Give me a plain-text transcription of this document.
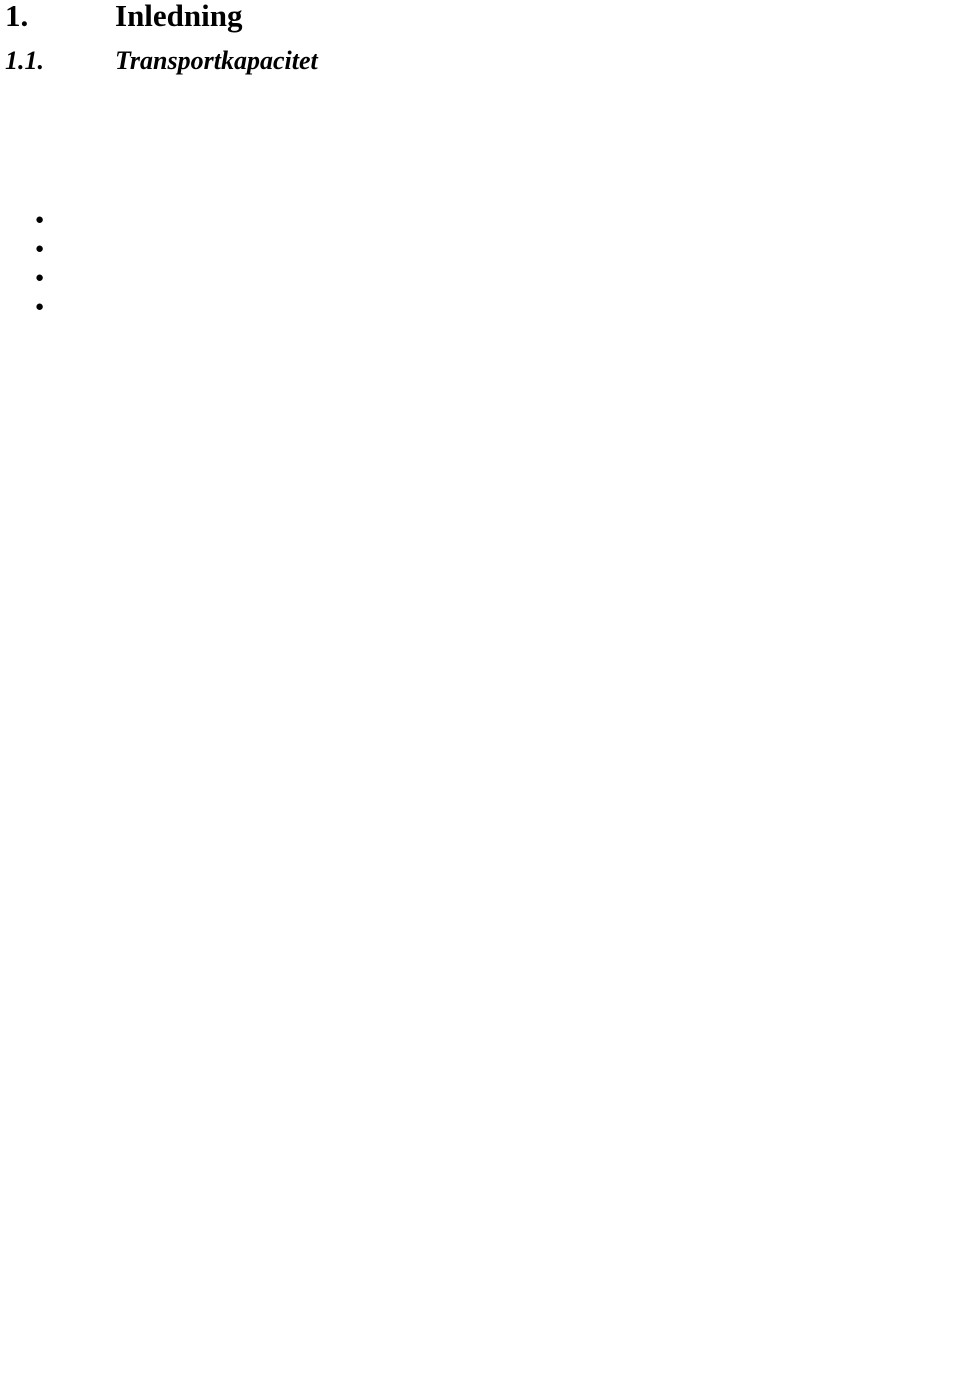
1.	Inledning
1.1.	Transportkapacitet

●
●
●
●
